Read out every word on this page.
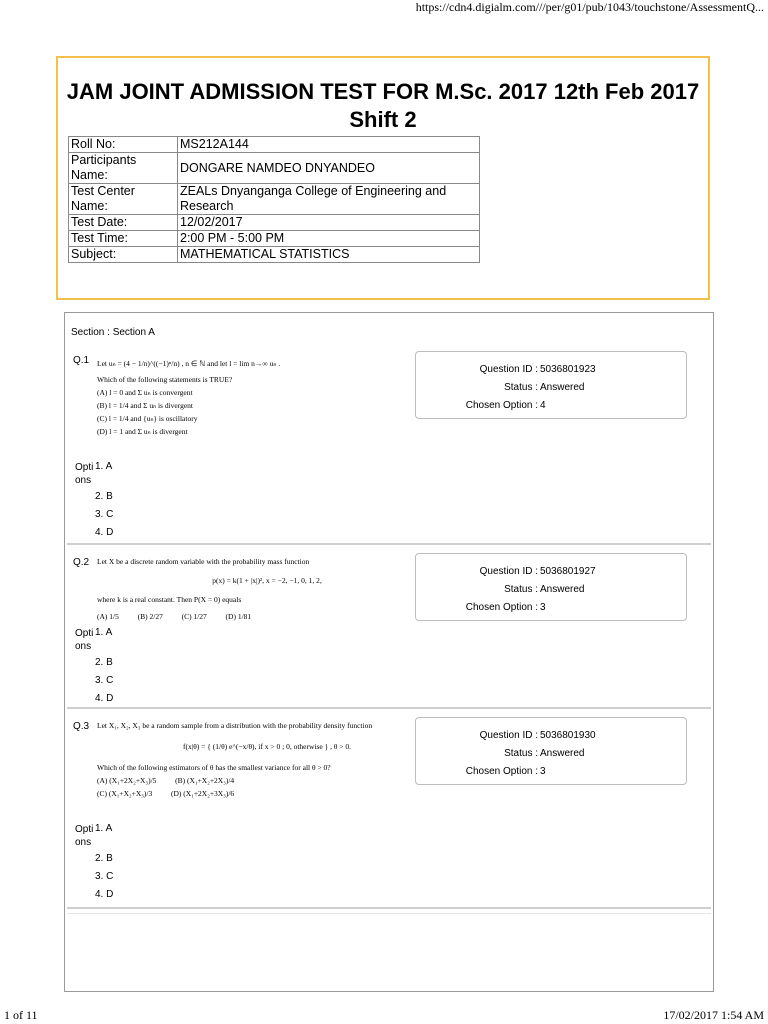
https://cdn4.digialm.com///per/g01/pub/1043/touchstone/AssessmentQ...
JAM JOINT ADMISSION TEST FOR M.Sc. 2017 12th Feb 2017 Shift 2
Roll No:	MS212A144
Participants Name:	DONGARE NAMDEO DNYANDEO
Test Center Name:	ZEALs Dnyanganga College of Engineering and Research
Test Date:	12/02/2017
Test Time:	2:00 PM - 5:00 PM
Subject:	MATHEMATICAL STATISTICS
Section : Section A
Q.1 Let uₙ = (4 − 1/n)^((−1)ⁿ/n) , n ∈ ℕ and let l = lim n→∞ uₙ .
Which of the following statements is TRUE?
(A) l = 0 and Σ uₙ is convergent
(B) l = 1/4 and Σ uₙ is divergent
(C) l = 1/4 and {uₙ} is oscillatory
(D) l = 1 and Σ uₙ is divergent
Opti ons
1. A
2. B
3. C
4. D
Question ID : 5036801923
Status : Answered
Chosen Option : 4
Q.2 Let X be a discrete random variable with the probability mass function
p(x) = k(1 + |x|)², x = −2, −1, 0, 1, 2,
where k is a real constant. Then P(X = 0) equals
(A) 1/5          (B) 2/27          (C) 1/27          (D) 1/81
Opti ons
1. A
2. B
3. C
4. D
Question ID : 5036801927
Status : Answered
Chosen Option : 3
Q.3 Let X₁, X₂, X₃ be a random sample from a distribution with the probability density function
f(x|θ) = { (1/θ) e^(−x/θ), if x > 0 ; 0, otherwise } , θ > 0.
Which of the following estimators of θ has the smallest variance for all θ > 0?
(A) (X₁+2X₂+X₃)/5          (B) (X₁+X₂+2X₃)/4
(C) (X₁+X₂+X₃)/3          (D) (X₁+2X₂+3X₃)/6
Opti ons
1. A
2. B
3. C
4. D
Question ID : 5036801930
Status : Answered
Chosen Option : 3
1 of 11	17/02/2017 1:54 AM
